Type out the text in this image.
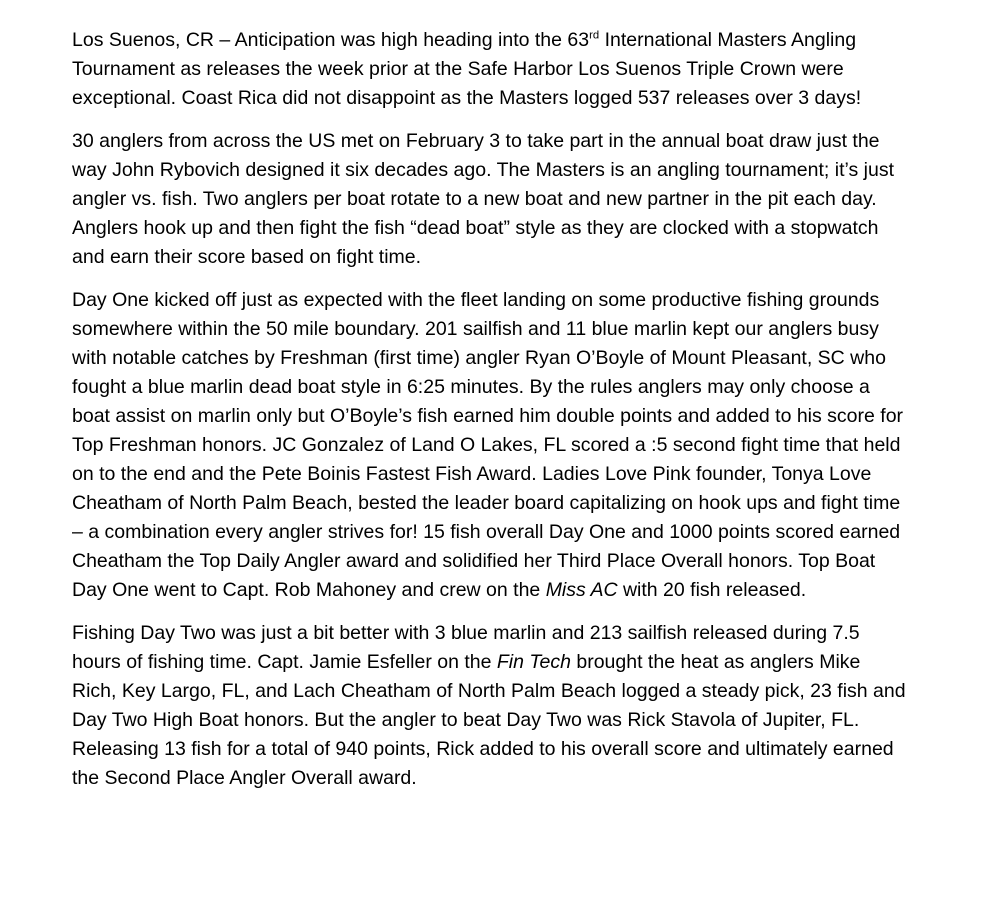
Los Suenos, CR – Anticipation was high heading into the 63rd International Masters Angling Tournament as releases the week prior at the Safe Harbor Los Suenos Triple Crown were exceptional. Coast Rica did not disappoint as the Masters logged 537 releases over 3 days!

30 anglers from across the US met on February 3 to take part in the annual boat draw just the way John Rybovich designed it six decades ago. The Masters is an angling tournament; it’s just angler vs. fish. Two anglers per boat rotate to a new boat and new partner in the pit each day. Anglers hook up and then fight the fish “dead boat” style as they are clocked with a stopwatch and earn their score based on fight time.

Day One kicked off just as expected with the fleet landing on some productive fishing grounds somewhere within the 50 mile boundary. 201 sailfish and 11 blue marlin kept our anglers busy with notable catches by Freshman (first time) angler Ryan O’Boyle of Mount Pleasant, SC who fought a blue marlin dead boat style in 6:25 minutes. By the rules anglers may only choose a boat assist on marlin only but O’Boyle’s fish earned him double points and added to his score for Top Freshman honors. JC Gonzalez of Land O Lakes, FL scored a :5 second fight time that held on to the end and the Pete Boinis Fastest Fish Award. Ladies Love Pink founder, Tonya Love Cheatham of North Palm Beach, bested the leader board capitalizing on hook ups and fight time – a combination every angler strives for! 15 fish overall Day One and 1000 points scored earned Cheatham the Top Daily Angler award and solidified her Third Place Overall honors. Top Boat Day One went to Capt. Rob Mahoney and crew on the Miss AC with 20 fish released.

Fishing Day Two was just a bit better with 3 blue marlin and 213 sailfish released during 7.5 hours of fishing time. Capt. Jamie Esfeller on the Fin Tech brought the heat as anglers Mike Rich, Key Largo, FL, and Lach Cheatham of North Palm Beach logged a steady pick, 23 fish and Day Two High Boat honors. But the angler to beat Day Two was Rick Stavola of Jupiter, FL. Releasing 13 fish for a total of 940 points, Rick added to his overall score and ultimately earned the Second Place Angler Overall award.
